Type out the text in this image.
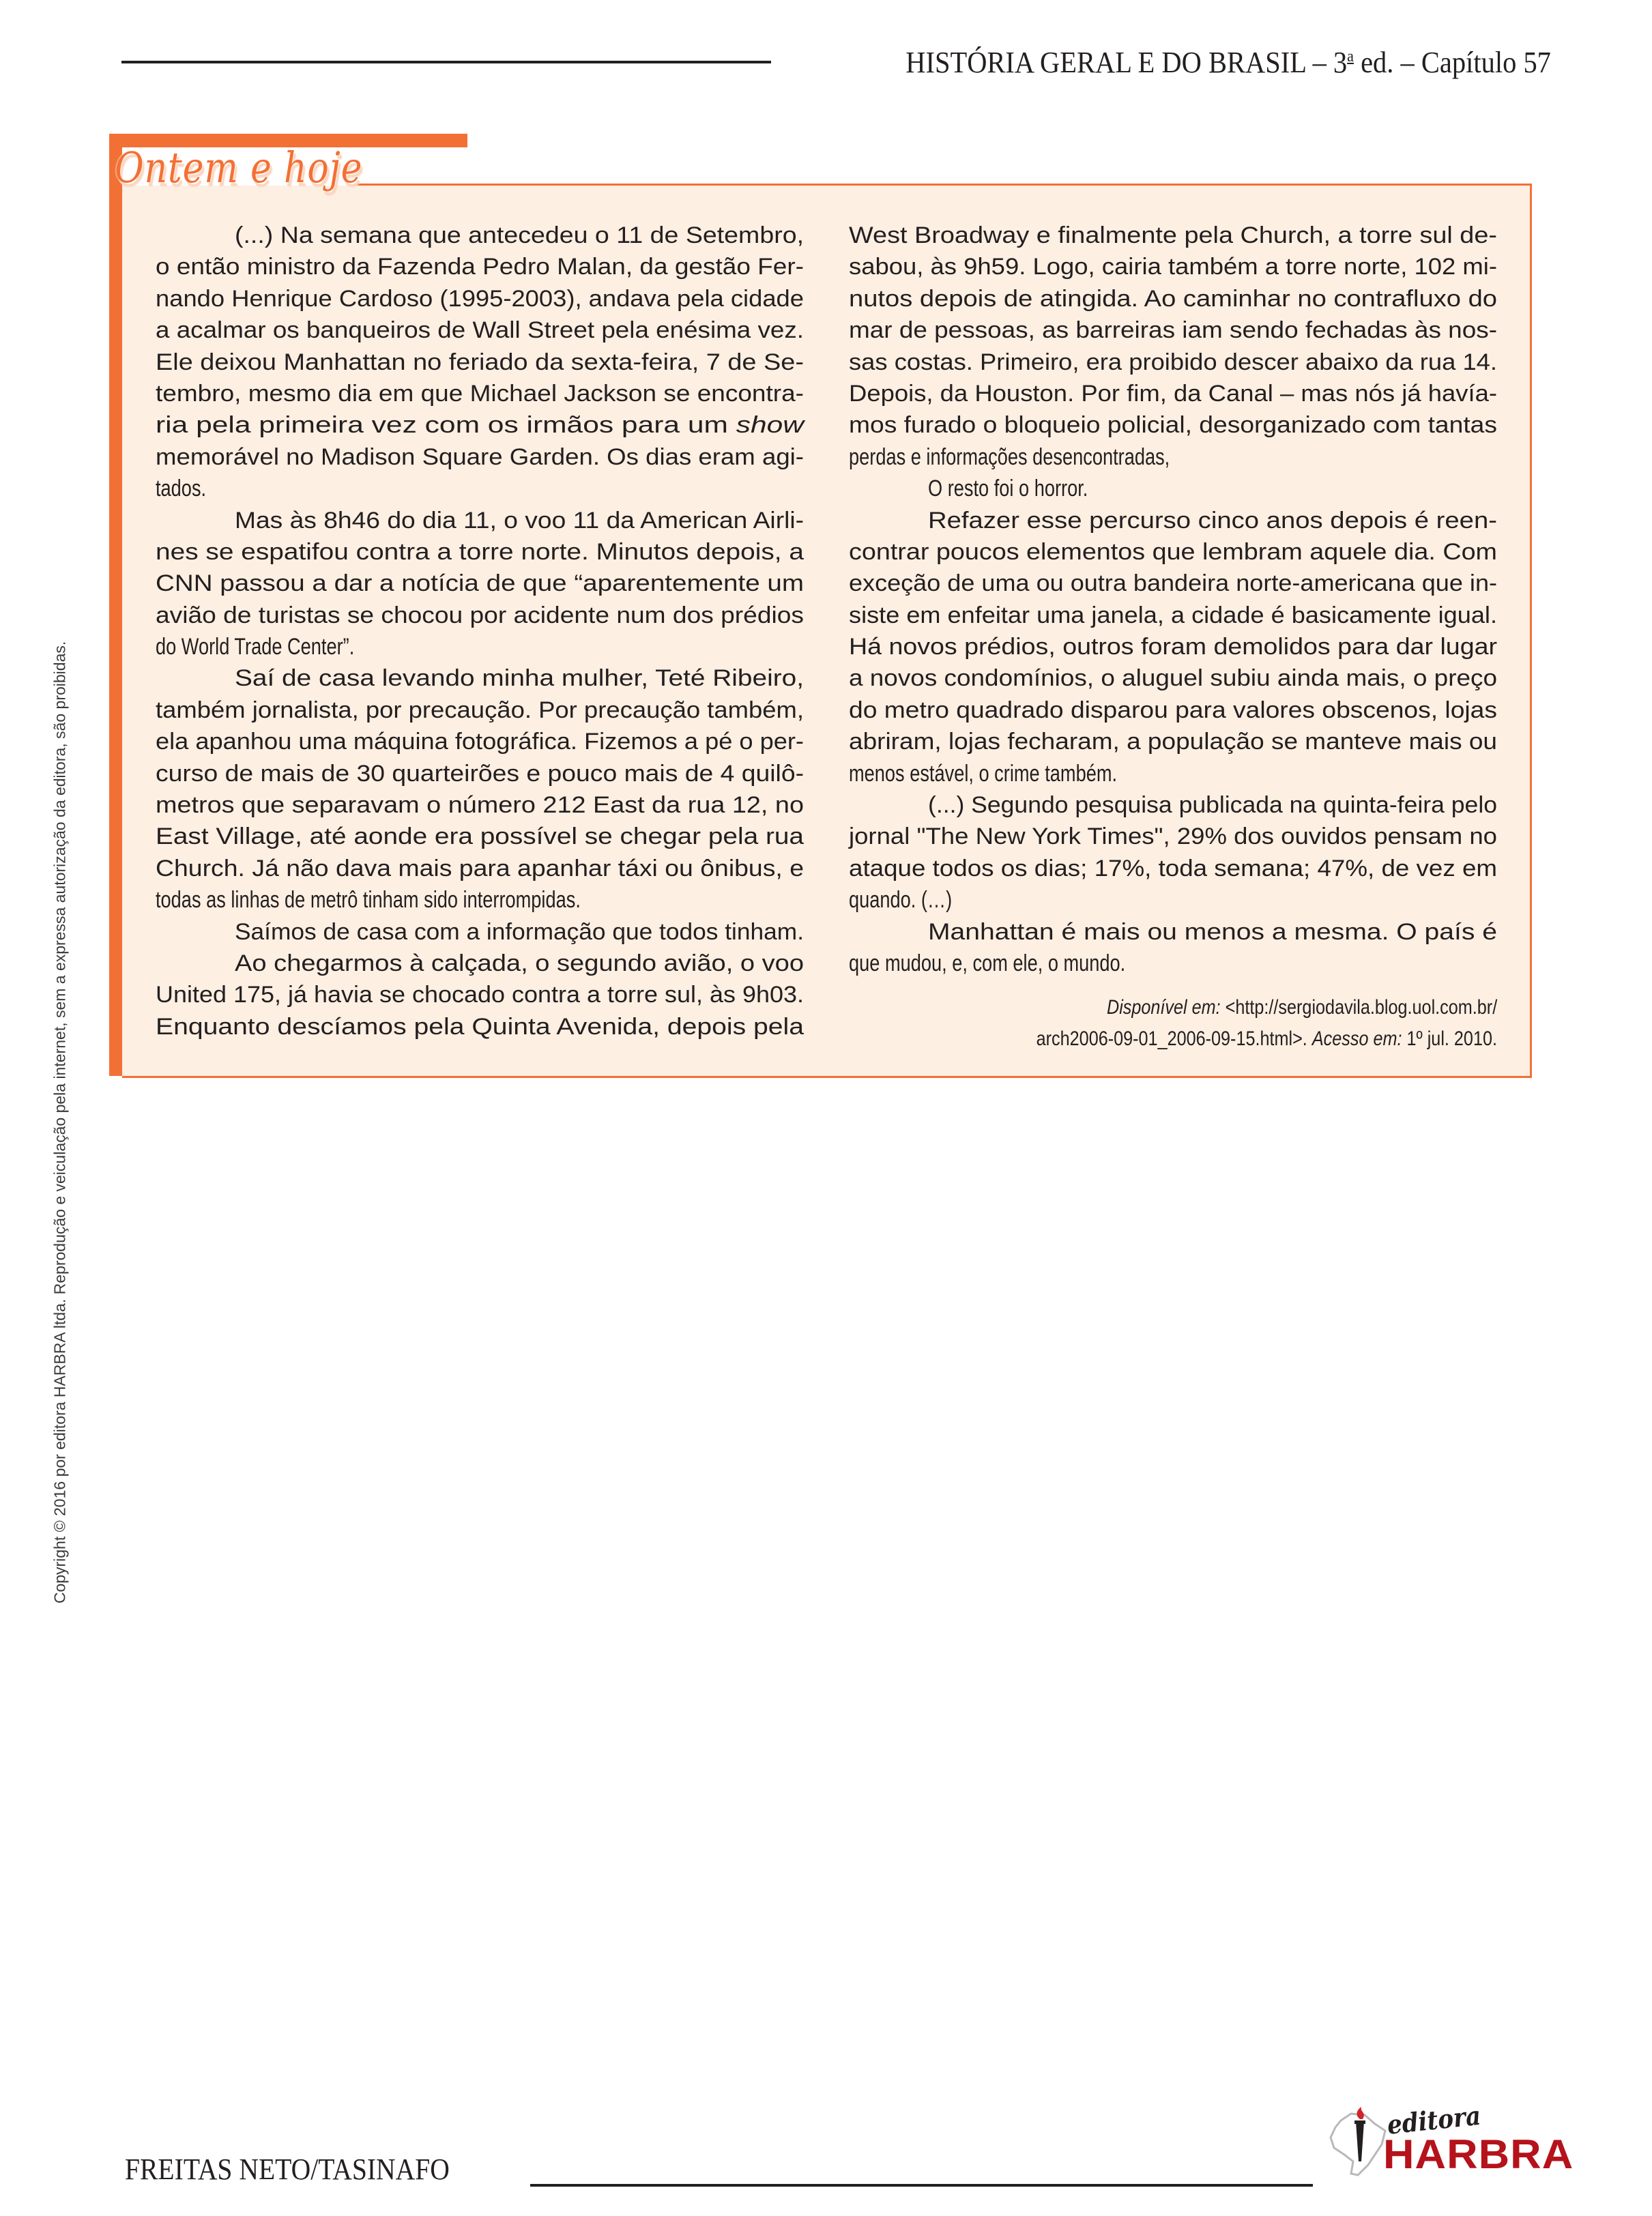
HISTÓRIA GERAL E DO BRASIL – 3$^a$ ed. – Capítulo 57
Copyright © 2016 por editora HARBRA ltda. Reprodução e veiculação pela internet, sem a expressa autorização da editora, são proibidas.
Ontem e hoje
(...) Na semana que antecedeu o 11 de Setembro,
o então ministro da Fazenda Pedro Malan, da gestão Fer-
nando Henrique Cardoso (1995-2003), andava pela cidade
a acalmar os banqueiros de Wall Street pela enésima vez.
Ele deixou Manhattan no feriado da sexta-feira, 7 de Se-
tembro, mesmo dia em que Michael Jackson se encontra-
ria pela primeira vez com os irmãos para um show
memorável no Madison Square Garden. Os dias eram agi-
tados.
Mas às 8h46 do dia 11, o voo 11 da American Airli-
nes se espatifou contra a torre norte. Minutos depois, a
CNN passou a dar a notícia de que “aparentemente um
avião de turistas se chocou por acidente num dos prédios
do World Trade Center”.
Saí de casa levando minha mulher, Teté Ribeiro,
também jornalista, por precaução. Por precaução também,
ela apanhou uma máquina fotográfica. Fizemos a pé o per-
curso de mais de 30 quarteirões e pouco mais de 4 quilô-
metros que separavam o número 212 East da rua 12, no
East Village, até aonde era possível se chegar pela rua
Church. Já não dava mais para apanhar táxi ou ônibus, e
todas as linhas de metrô tinham sido interrompidas.
Saímos de casa com a informação que todos tinham.
Ao chegarmos à calçada, o segundo avião, o voo
United 175, já havia se chocado contra a torre sul, às 9h03.
Enquanto descíamos pela Quinta Avenida, depois pela
West Broadway e finalmente pela Church, a torre sul de-
sabou, às 9h59. Logo, cairia também a torre norte, 102 mi-
nutos depois de atingida. Ao caminhar no contrafluxo do
mar de pessoas, as barreiras iam sendo fechadas às nos-
sas costas. Primeiro, era proibido descer abaixo da rua 14.
Depois, da Houston. Por fim, da Canal – mas nós já havía-
mos furado o bloqueio policial, desorganizado com tantas
perdas e informações desencontradas,
O resto foi o horror.
Refazer esse percurso cinco anos depois é reen-
contrar poucos elementos que lembram aquele dia. Com
exceção de uma ou outra bandeira norte-americana que in-
siste em enfeitar uma janela, a cidade é basicamente igual.
Há novos prédios, outros foram demolidos para dar lugar
a novos condomínios, o aluguel subiu ainda mais, o preço
do metro quadrado disparou para valores obscenos, lojas
abriram, lojas fecharam, a população se manteve mais ou
menos estável, o crime também.
(...) Segundo pesquisa publicada na quinta-feira pelo
jornal "The New York Times", 29% dos ouvidos pensam no
ataque todos os dias; 17%, toda semana; 47%, de vez em
quando. (…)
Manhattan é mais ou menos a mesma. O país é
que mudou, e, com ele, o mundo.
Disponível em: <http://sergiodavila.blog.uol.com.br/
arch2006-09-01_2006-09-15.html>. Acesso em: 1º jul. 2010.
FREITAS NETO/TASINAFO
editora
HARBRA
